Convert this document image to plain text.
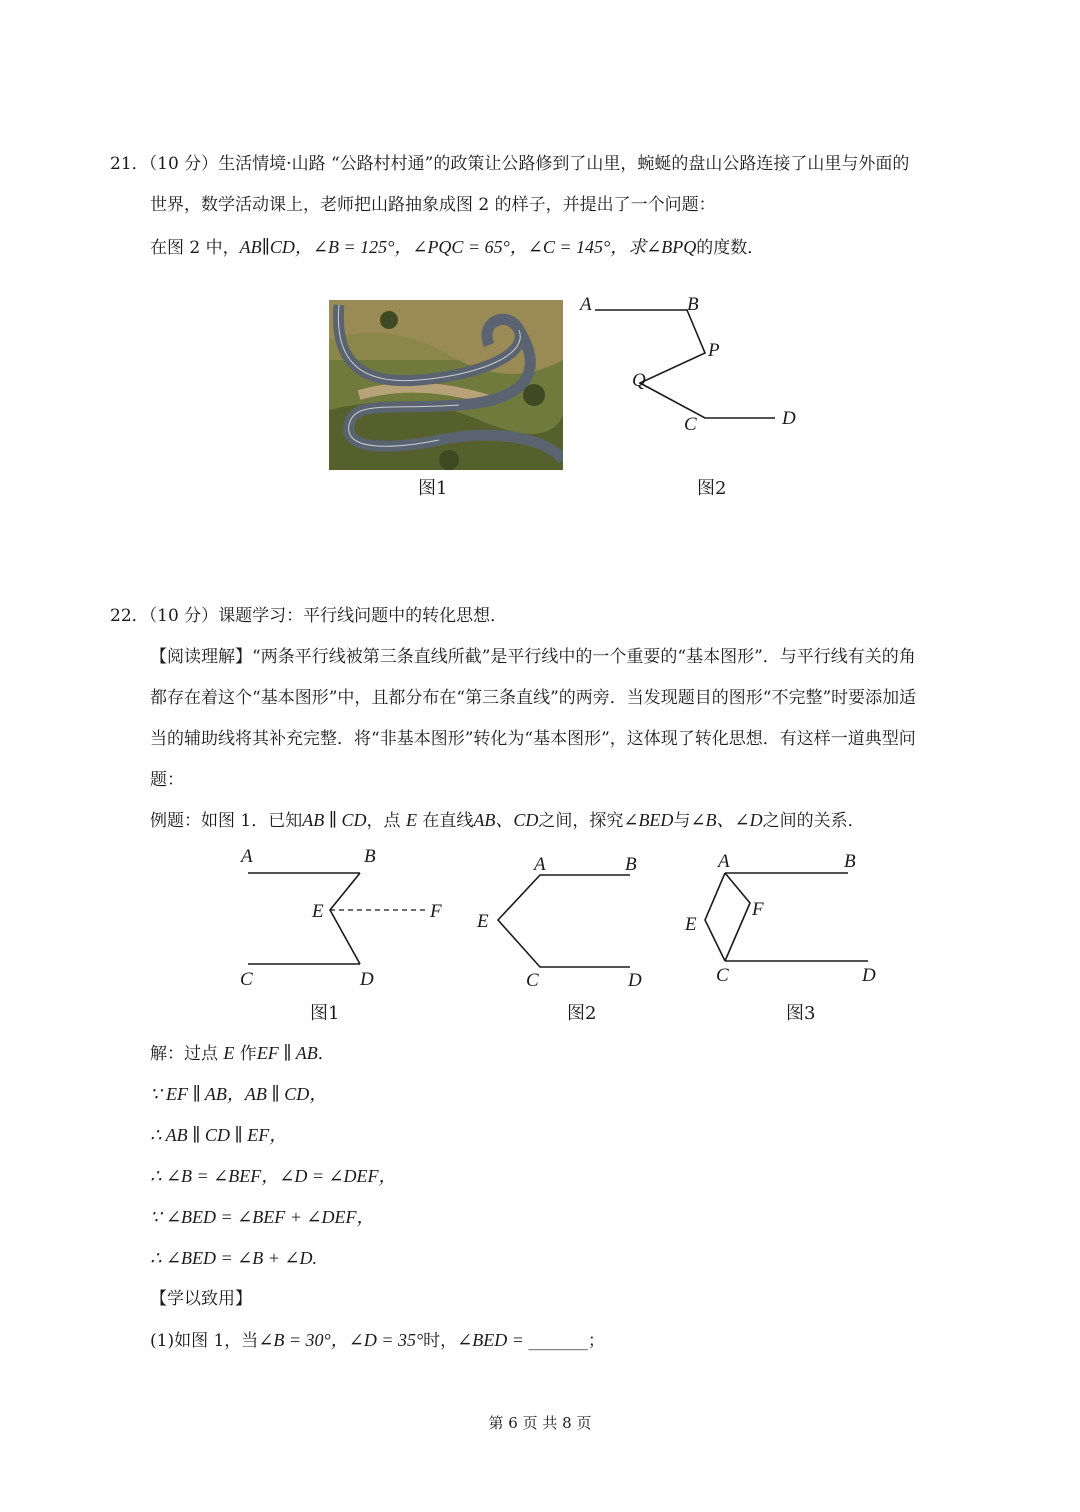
21．（10 分）生活情境·山路 “公路村村通”的政策让公路修到了山里，蜿蜒的盘山公路连接了山里与外面的
世界，数学活动课上，老师把山路抽象成图 2 的样子，并提出了一个问题：
在图 2 中，AB∥CD，∠B = 125°，∠PQC = 65°，∠C = 145°，求∠BPQ的度数．
A	B
P
Q
C	D
图1	图2
22．（10 分）课题学习：平行线问题中的转化思想．
【阅读理解】“两条平行线被第三条直线所截”是平行线中的一个重要的“基本图形”．与平行线有关的角
都存在着这个“基本图形”中，且都分布在“第三条直线”的两旁．当发现题目的图形“不完整”时要添加适
当的辅助线将其补充完整．将“非基本图形”转化为“基本图形”，这体现了转化思想．有这样一道典型问
题：
例题：如图 1．已知AB ∥ CD，点 E 在直线AB、CD之间，探究∠BED与∠B、∠D之间的关系．
A	B
E	F
C	D
A	B
E
C	D
A	B
E
F
C	D
图1	图2	图3
解：过点 E 作EF ∥ AB．
∵ EF ∥ AB，AB ∥ CD，
∴ AB ∥ CD ∥ EF，
∴ ∠B = ∠BEF，∠D = ∠DEF，
∵ ∠BED = ∠BEF + ∠DEF，
∴ ∠BED = ∠B + ∠D.
【学以致用】
(1)如图 1，当∠B = 30°，∠D = 35°时，∠BED = _______；
第 6 页 共 8 页
